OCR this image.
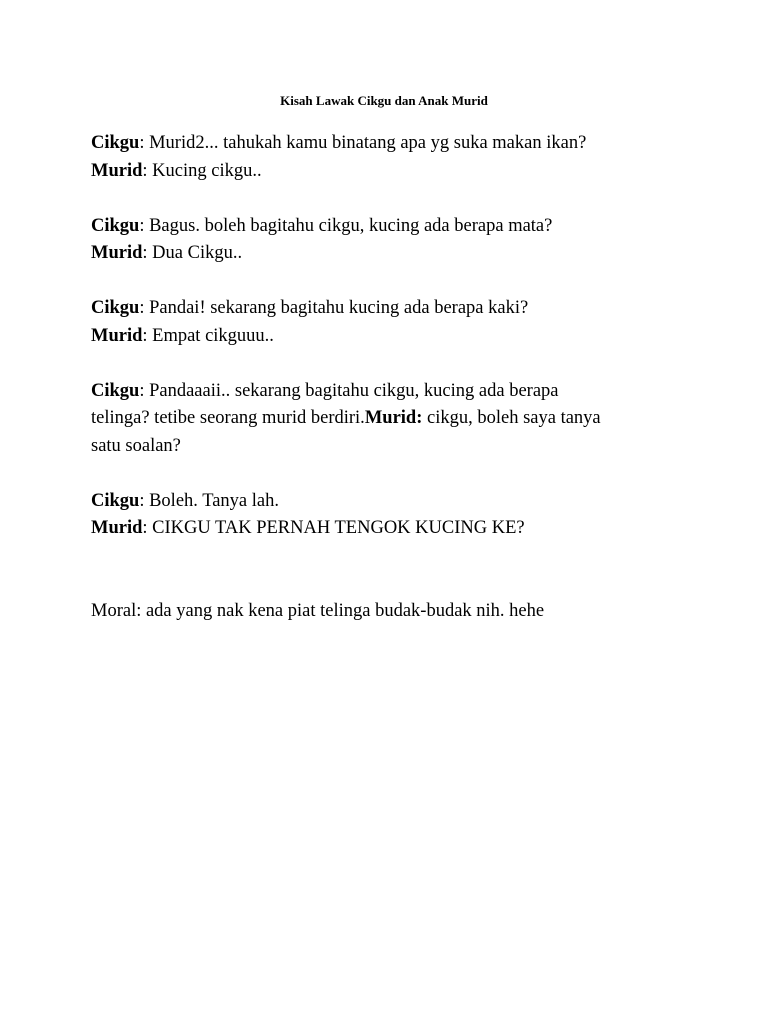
Kisah Lawak Cikgu dan Anak Murid

Cikgu: Murid2... tahukah kamu binatang apa yg suka makan ikan?
Murid: Kucing cikgu..

Cikgu: Bagus. boleh bagitahu cikgu, kucing ada berapa mata?
Murid: Dua Cikgu..

Cikgu: Pandai! sekarang bagitahu kucing ada berapa kaki?
Murid: Empat cikguuu..

Cikgu: Pandaaaii.. sekarang bagitahu cikgu, kucing ada berapa
telinga? tetibe seorang murid berdiri.Murid: cikgu, boleh saya tanya
satu soalan?

Cikgu: Boleh. Tanya lah.
Murid: CIKGU TAK PERNAH TENGOK KUCING KE?

Moral: ada yang nak kena piat telinga budak-budak nih. hehe
